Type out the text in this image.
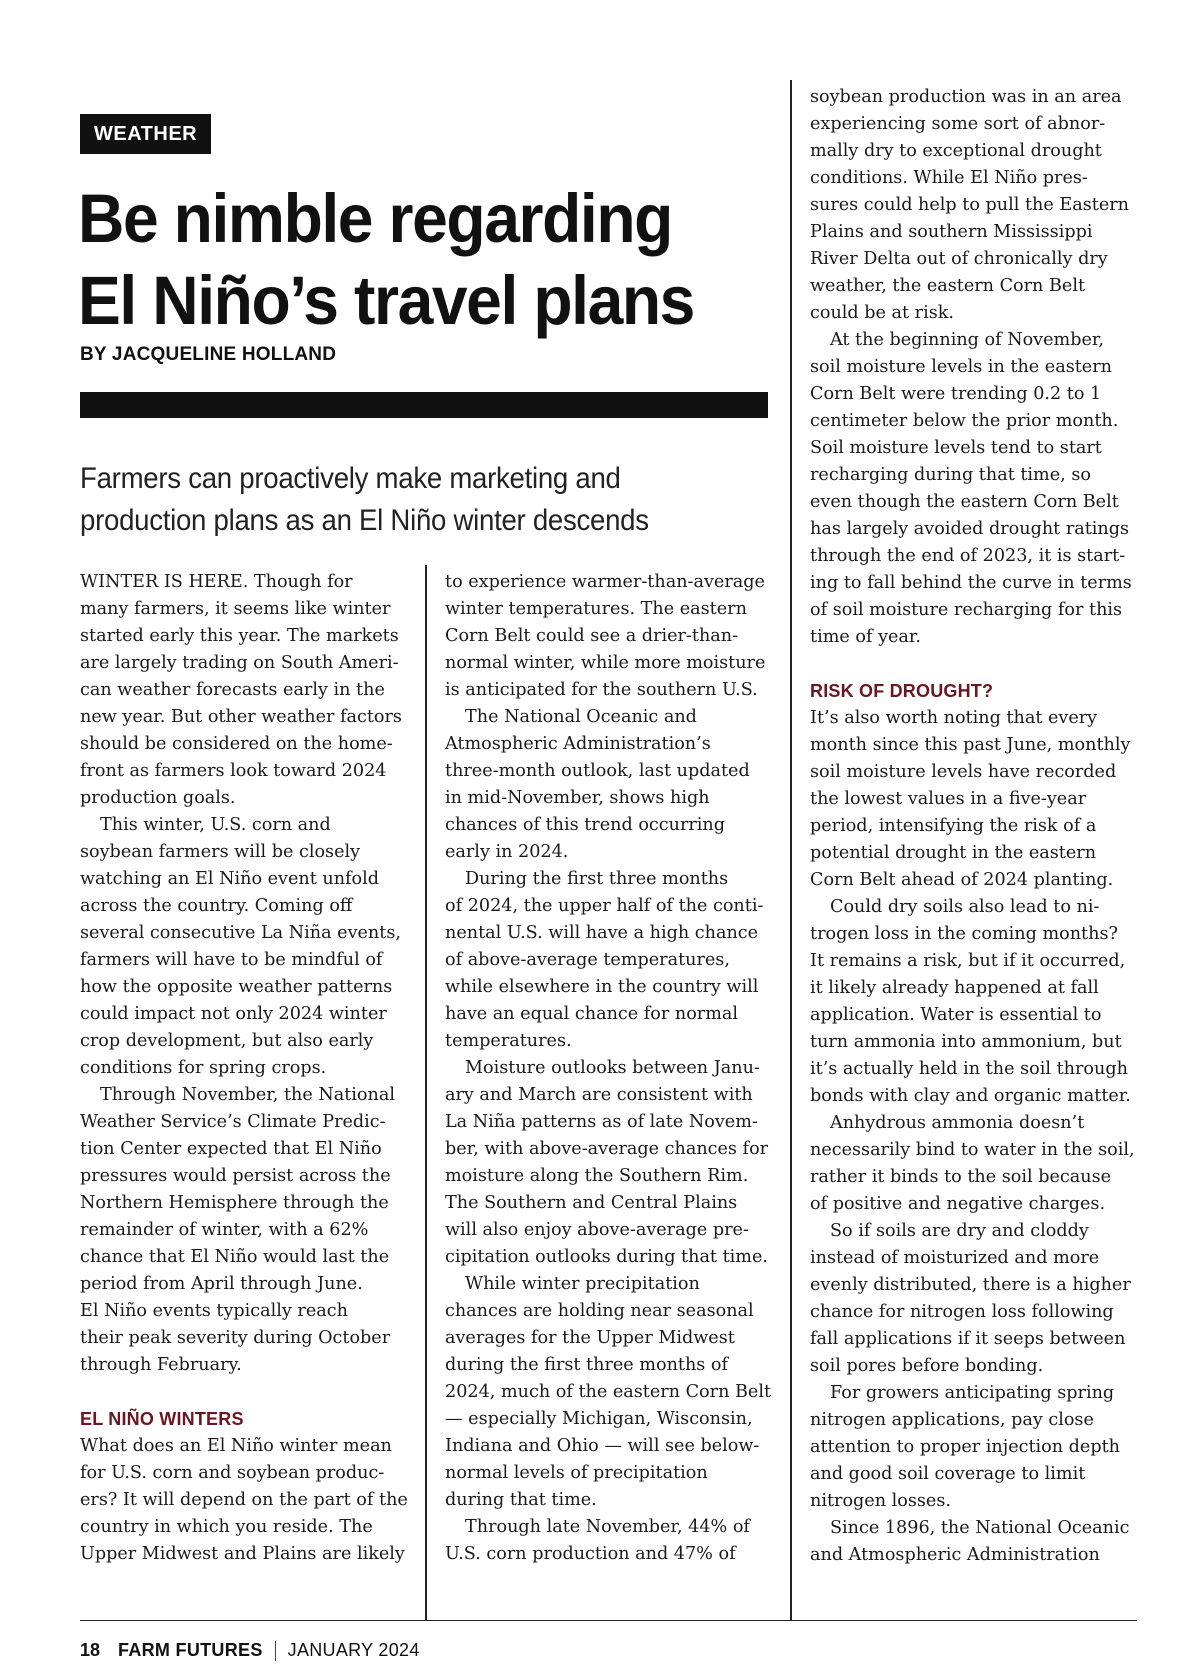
WEATHER
Be nimble regarding
El Niño’s travel plans
BY JACQUELINE HOLLAND
Farmers can proactively make marketing and
production plans as an El Niño winter descends
WINTER IS HERE. Though for
many farmers, it seems like winter
started early this year. The markets
are largely trading on South Ameri-
can weather forecasts early in the
new year. But other weather factors
should be considered on the home-
front as farmers look toward 2024
production goals.
This winter, U.S. corn and
soybean farmers will be closely
watching an El Niño event unfold
across the country. Coming off
several consecutive La Niña events,
farmers will have to be mindful of
how the opposite weather patterns
could impact not only 2024 winter
crop development, but also early
conditions for spring crops.
Through November, the National
Weather Service’s Climate Predic-
tion Center expected that El Niño
pressures would persist across the
Northern Hemisphere through the
remainder of winter, with a 62%
chance that El Niño would last the
period from April through June.
El Niño events typically reach
their peak severity during October
through February.
EL NIÑO WINTERS
What does an El Niño winter mean
for U.S. corn and soybean produc-
ers? It will depend on the part of the
country in which you reside. The
Upper Midwest and Plains are likely
to experience warmer-than-average
winter temperatures. The eastern
Corn Belt could see a drier-than-
normal winter, while more moisture
is anticipated for the southern U.S.
The National Oceanic and
Atmospheric Administration’s
three-month outlook, last updated
in mid-November, shows high
chances of this trend occurring
early in 2024.
During the first three months
of 2024, the upper half of the conti-
nental U.S. will have a high chance
of above-average temperatures,
while elsewhere in the country will
have an equal chance for normal
temperatures.
Moisture outlooks between Janu-
ary and March are consistent with
La Niña patterns as of late Novem-
ber, with above-average chances for
moisture along the Southern Rim.
The Southern and Central Plains
will also enjoy above-average pre-
cipitation outlooks during that time.
While winter precipitation
chances are holding near seasonal
averages for the Upper Midwest
during the first three months of
2024, much of the eastern Corn Belt
— especially Michigan, Wisconsin,
Indiana and Ohio — will see below-
normal levels of precipitation
during that time.
Through late November, 44% of
U.S. corn production and 47% of
soybean production was in an area
experiencing some sort of abnor-
mally dry to exceptional drought
conditions. While El Niño pres-
sures could help to pull the Eastern
Plains and southern Mississippi
River Delta out of chronically dry
weather, the eastern Corn Belt
could be at risk.
At the beginning of November,
soil moisture levels in the eastern
Corn Belt were trending 0.2 to 1
centimeter below the prior month.
Soil moisture levels tend to start
recharging during that time, so
even though the eastern Corn Belt
has largely avoided drought ratings
through the end of 2023, it is start-
ing to fall behind the curve in terms
of soil moisture recharging for this
time of year.
RISK OF DROUGHT?
It’s also worth noting that every
month since this past June, monthly
soil moisture levels have recorded
the lowest values in a five-year
period, intensifying the risk of a
potential drought in the eastern
Corn Belt ahead of 2024 planting.
Could dry soils also lead to ni-
trogen loss in the coming months?
It remains a risk, but if it occurred,
it likely already happened at fall
application. Water is essential to
turn ammonia into ammonium, but
it’s actually held in the soil through
bonds with clay and organic matter.
Anhydrous ammonia doesn’t
necessarily bind to water in the soil,
rather it binds to the soil because
of positive and negative charges.
So if soils are dry and cloddy
instead of moisturized and more
evenly distributed, there is a higher
chance for nitrogen loss following
fall applications if it seeps between
soil pores before bonding.
For growers anticipating spring
nitrogen applications, pay close
attention to proper injection depth
and good soil coverage to limit
nitrogen losses.
Since 1896, the National Oceanic
and Atmospheric Administration
18 FARM FUTURES JANUARY 2024
